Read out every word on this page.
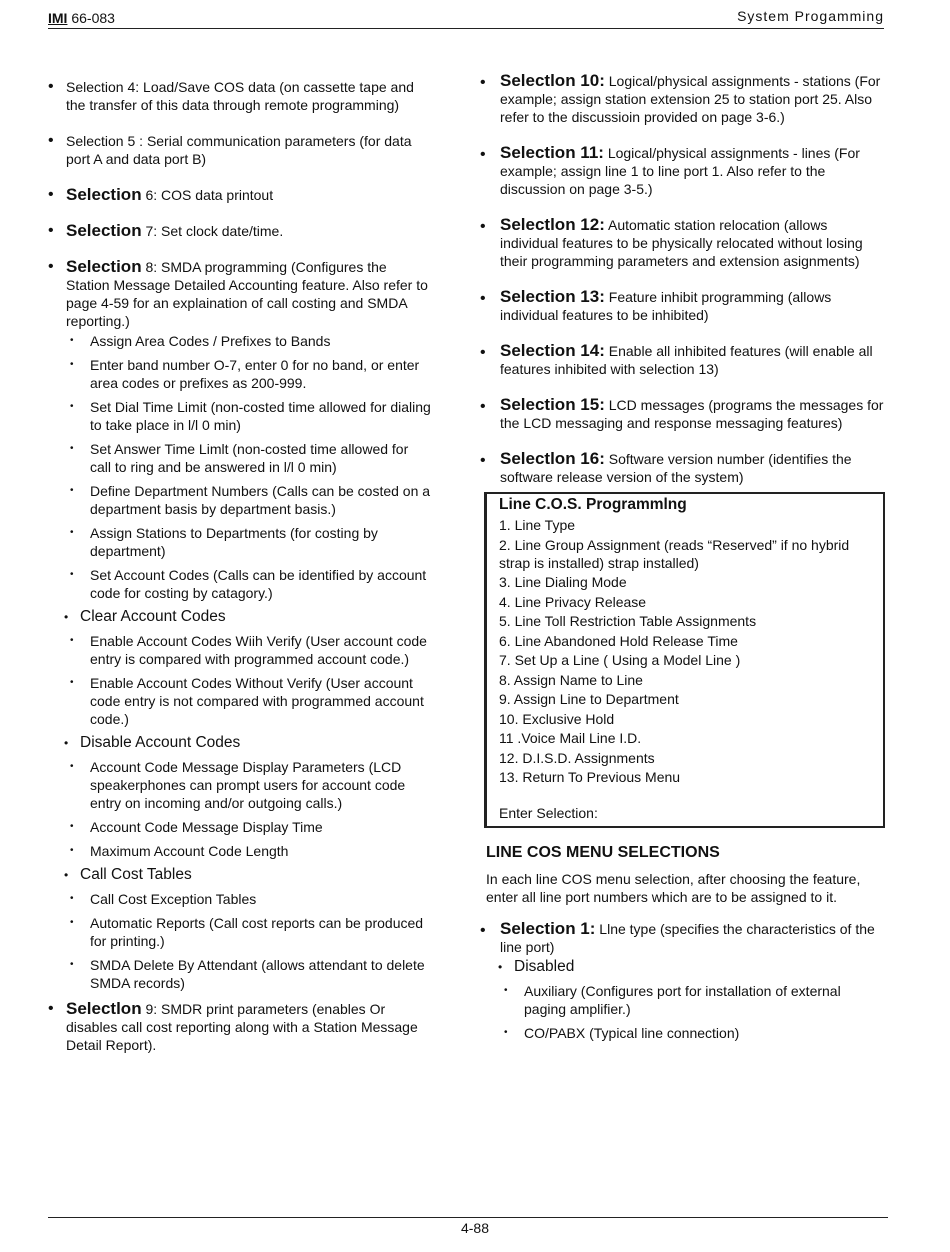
IMI 66-083	System Progamming
• Selection 4: Load/Save COS data (on cassette tape and the transfer of this data through remote programming)
• Selection 5 : Serial communication parameters (for data port A and data port B)
• Selection 6: COS data printout
• Selection 7: Set clock date/time.
• Selection 8: SMDA programming (Configures the Station Message Detailed Accounting feature. Also refer to page 4-59 for an explaination of call costing and SMDA reporting.)
• Assign Area Codes / Prefixes to Bands
• Enter band number O-7, enter 0 for no band, or enter area codes or prefixes as 200-999.
• Set Dial Time Limit (non-costed time allowed for dialing to take place in l/l 0 min)
• Set Answer Time Limlt (non-costed time allowed for call to ring and be answered in l/l 0 min)
• Define Department Numbers (Calls can be costed on a department basis by department basis.)
• Assign Stations to Departments (for costing by department)
• Set Account Codes (Calls can be identified by account code for costing by catagory.)
• Clear Account Codes
• Enable Account Codes Wiih Verify (User account code entry is compared with programmed account code.)
• Enable Account Codes Without Verify (User account code entry is not compared with programmed account code.)
• Disable Account Codes
• Account Code Message Display Parameters (LCD speakerphones can prompt users for account code entry on incoming and/or outgoing calls.)
• Account Code Message Display Time
• Maximum Account Code Length
• Call Cost Tables
• Call Cost Exception Tables
• Automatic Reports (Call cost reports can be produced for printing.)
• SMDA Delete By Attendant (allows attendant to delete SMDA records)
• Selectlon 9: SMDR print parameters (enables Or disables call cost reporting along with a Station Message Detail Report).
• Selectlon 10: Logical/physical assignments - stations (For example; assign station extension 25 to station port 25. Also refer to the discussioin provided on page 3-6.)
• Selection 11: Logical/physical assignments - lines (For example; assign line 1 to line port 1. Also refer to the discussion on page 3-5.)
• Selectlon 12: Automatic station relocation (allows individual features to be physically relocated without losing their programming parameters and extension asignments)
• Selection 13: Feature inhibit programming (allows individual features to be inhibited)
• Selection 14: Enable all inhibited features (will enable all features inhibited with selection 13)
• Selection 15: LCD messages (programs the messages for the LCD messaging and response messaging features)
• Selectlon 16: Software version number (identifies the software release version of the system)
Line C.O.S. Programmlng
1. Line Type
2. Line Group Assignment (reads “Reserved” if no hybrid strap is installed) strap installed)
3. Line Dialing Mode
4. Line Privacy Release
5. Line Toll Restriction Table Assignments
6. Line Abandoned Hold Release Time
7. Set Up a Line ( Using a Model Line )
8. Assign Name to Line
9. Assign Line to Department
10. Exclusive Hold
11 .Voice Mail Line I.D.
12. D.I.S.D. Assignments
13. Return To Previous Menu
Enter Selection:
LINE COS MENU SELECTIONS
In each line COS menu selection, after choosing the feature, enter all line port numbers which are to be assigned to it.
• Selection 1: Llne type (specifies the characteristics of the line port)
• Disabled
• Auxiliary (Configures port for installation of external paging amplifier.)
• CO/PABX (Typical line connection)
4-88
